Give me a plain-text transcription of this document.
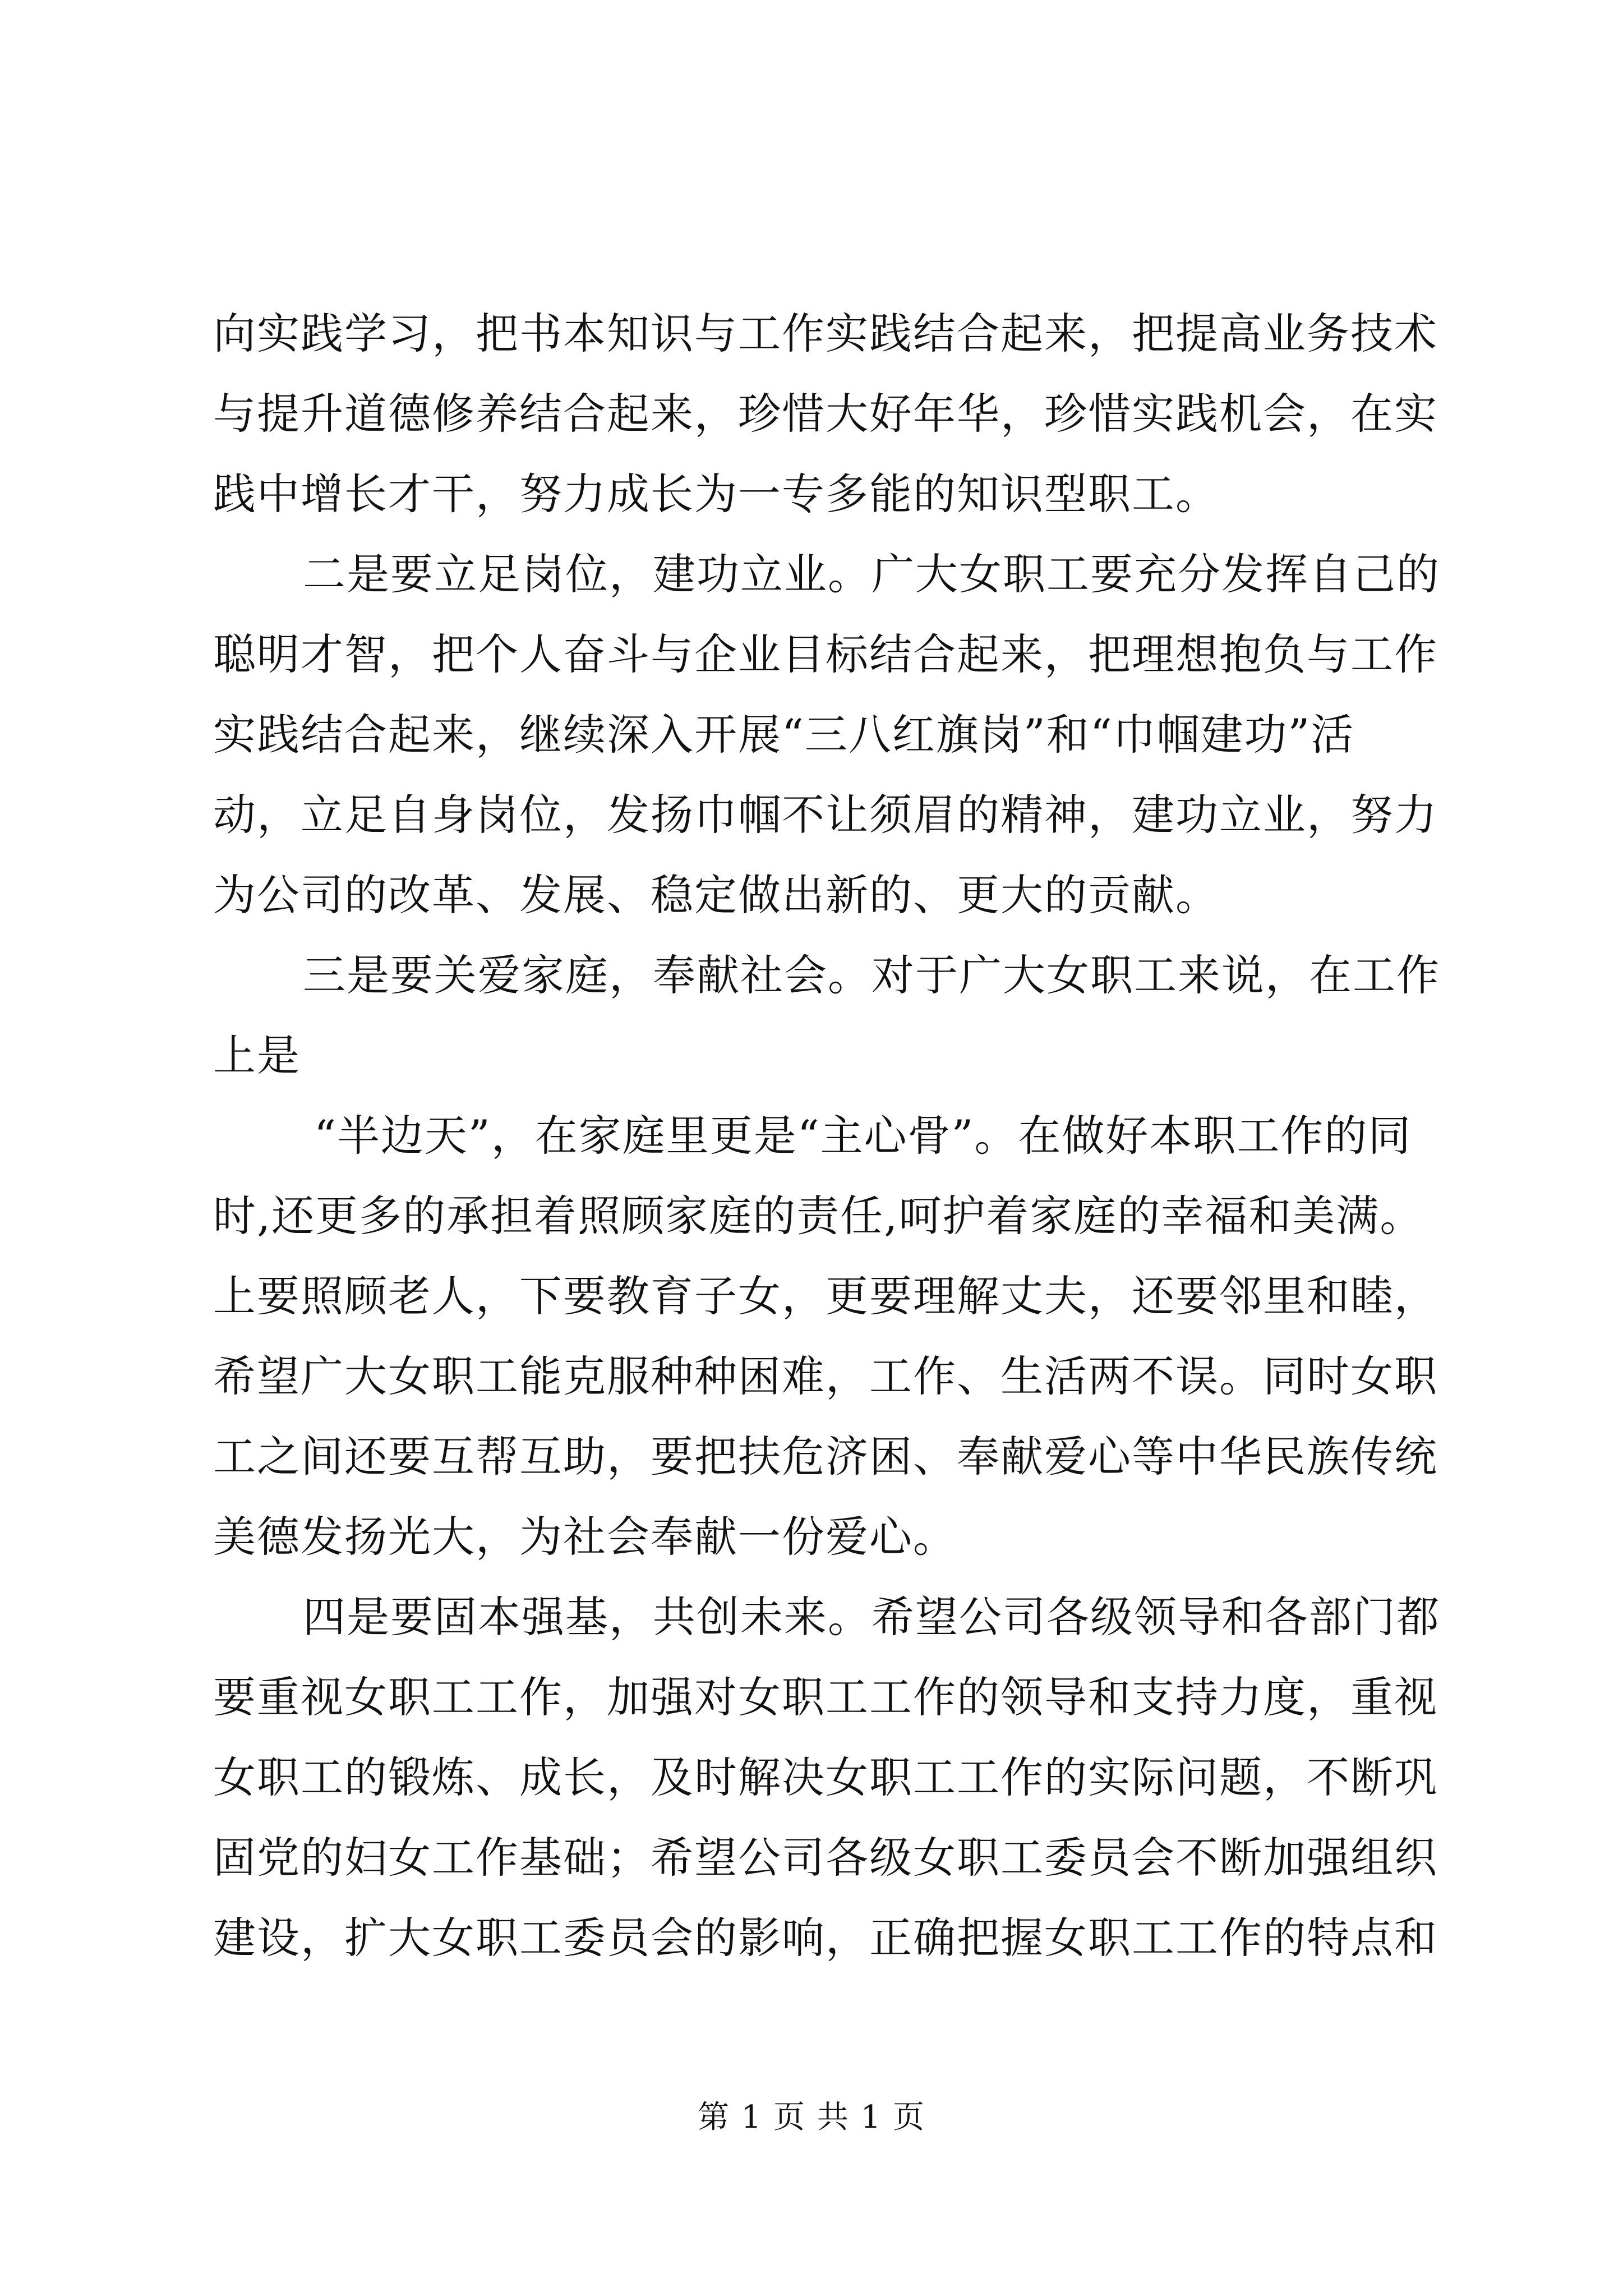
向实践学习，把书本知识与工作实践结合起来，把提高业务技术
与提升道德修养结合起来，珍惜大好年华，珍惜实践机会，在实
践中增长才干，努力成长为一专多能的知识型职工。
二是要立足岗位，建功立业。广大女职工要充分发挥自己的
聪明才智，把个人奋斗与企业目标结合起来，把理想抱负与工作
实践结合起来，继续深入开展“三八红旗岗”和“巾帼建功”活
动，立足自身岗位，发扬巾帼不让须眉的精神，建功立业，努力
为公司的改革、发展、稳定做出新的、更大的贡献。
三是要关爱家庭，奉献社会。对于广大女职工来说，在工作
上是
“半边天”，在家庭里更是“主心骨”。在做好本职工作的同
时,还更多的承担着照顾家庭的责任,呵护着家庭的幸福和美满。
上要照顾老人，下要教育子女，更要理解丈夫，还要邻里和睦，
希望广大女职工能克服种种困难，工作、生活两不误。同时女职
工之间还要互帮互助，要把扶危济困、奉献爱心等中华民族传统
美德发扬光大，为社会奉献一份爱心。
四是要固本强基，共创未来。希望公司各级领导和各部门都
要重视女职工工作，加强对女职工工作的领导和支持力度，重视
女职工的锻炼、成长，及时解决女职工工作的实际问题，不断巩
固党的妇女工作基础；希望公司各级女职工委员会不断加强组织
建设，扩大女职工委员会的影响，正确把握女职工工作的特点和
第 1 页 共 1 页
